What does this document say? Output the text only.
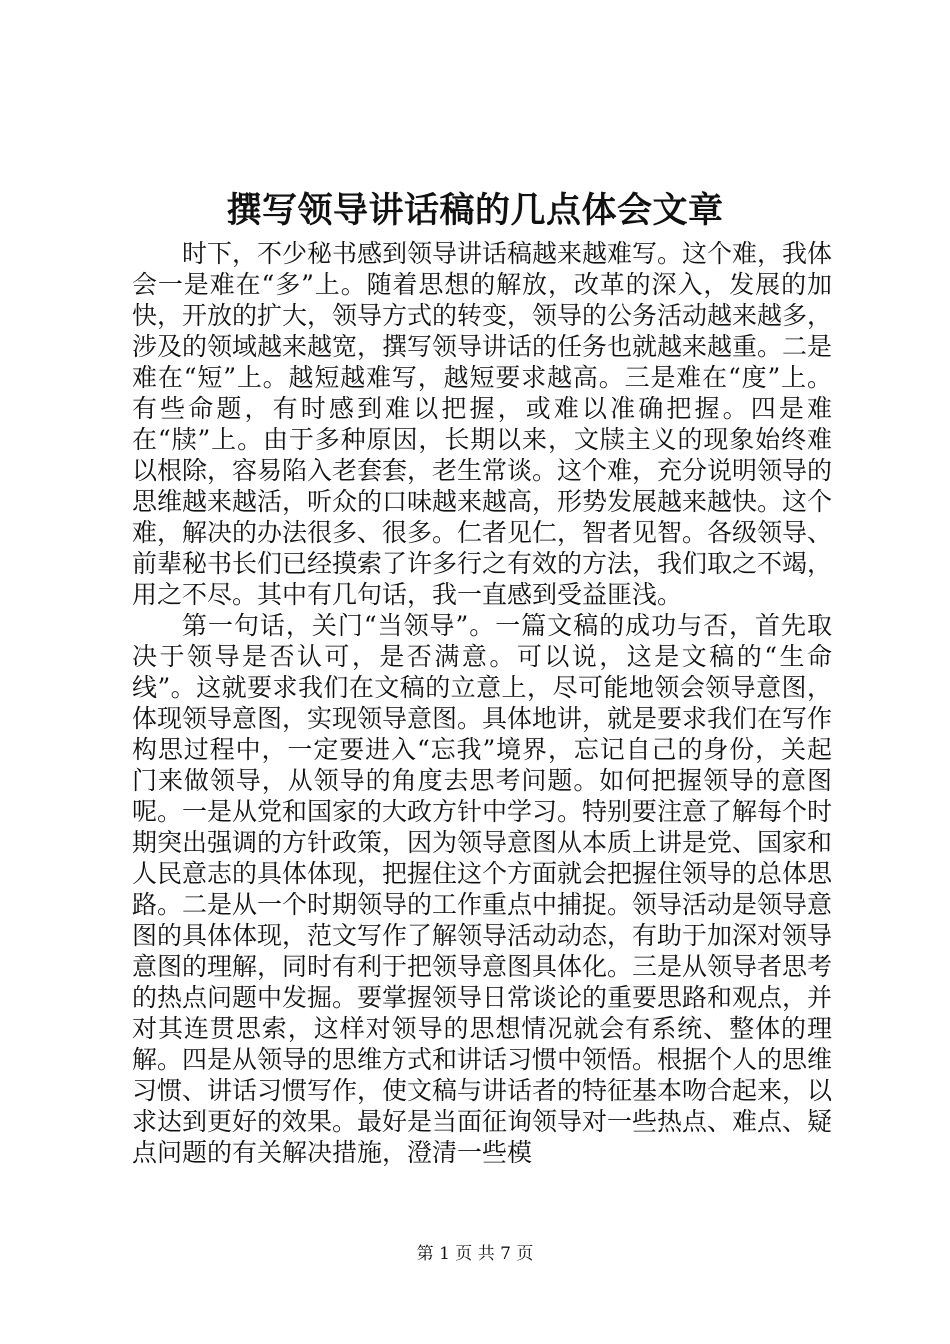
撰写领导讲话稿的几点体会文章

时下，不少秘书感到领导讲话稿越来越难写。这个难，我体会一是难在“多”上。随着思想的解放，改革的深入，发展的加快，开放的扩大，领导方式的转变，领导的公务活动越来越多，涉及的领域越来越宽，撰写领导讲话的任务也就越来越重。二是难在“短”上。越短越难写，越短要求越高。三是难在“度”上。有些命题，有时感到难以把握，或难以准确把握。四是难在“牍”上。由于多种原因，长期以来，文牍主义的现象始终难以根除，容易陷入老套套，老生常谈。这个难，充分说明领导的思维越来越活，听众的口味越来越高，形势发展越来越快。这个难，解决的办法很多、很多。仁者见仁，智者见智。各级领导、前辈秘书长们已经摸索了许多行之有效的方法，我们取之不竭，用之不尽。其中有几句话，我一直感到受益匪浅。

第一句话，关门“当领导”。一篇文稿的成功与否，首先取决于领导是否认可，是否满意。可以说，这是文稿的“生命线”。这就要求我们在文稿的立意上，尽可能地领会领导意图，体现领导意图，实现领导意图。具体地讲，就是要求我们在写作构思过程中，一定要进入“忘我”境界，忘记自己的身份，关起门来做领导，从领导的角度去思考问题。如何把握领导的意图呢。一是从党和国家的大政方针中学习。特别要注意了解每个时期突出强调的方针政策，因为领导意图从本质上讲是党、国家和人民意志的具体体现，把握住这个方面就会把握住领导的总体思路。二是从一个时期领导的工作重点中捕捉。领导活动是领导意图的具体体现，范文写作了解领导活动动态，有助于加深对领导意图的理解，同时有利于把领导意图具体化。三是从领导者思考的热点问题中发掘。要掌握领导日常谈论的重要思路和观点，并对其连贯思索，这样对领导的思想情况就会有系统、整体的理解。四是从领导的思维方式和讲话习惯中领悟。根据个人的思维习惯、讲话习惯写作，使文稿与讲话者的特征基本吻合起来，以求达到更好的效果。最好是当面征询领导对一些热点、难点、疑点问题的有关解决措施，澄清一些模

第 1 页 共 7 页
